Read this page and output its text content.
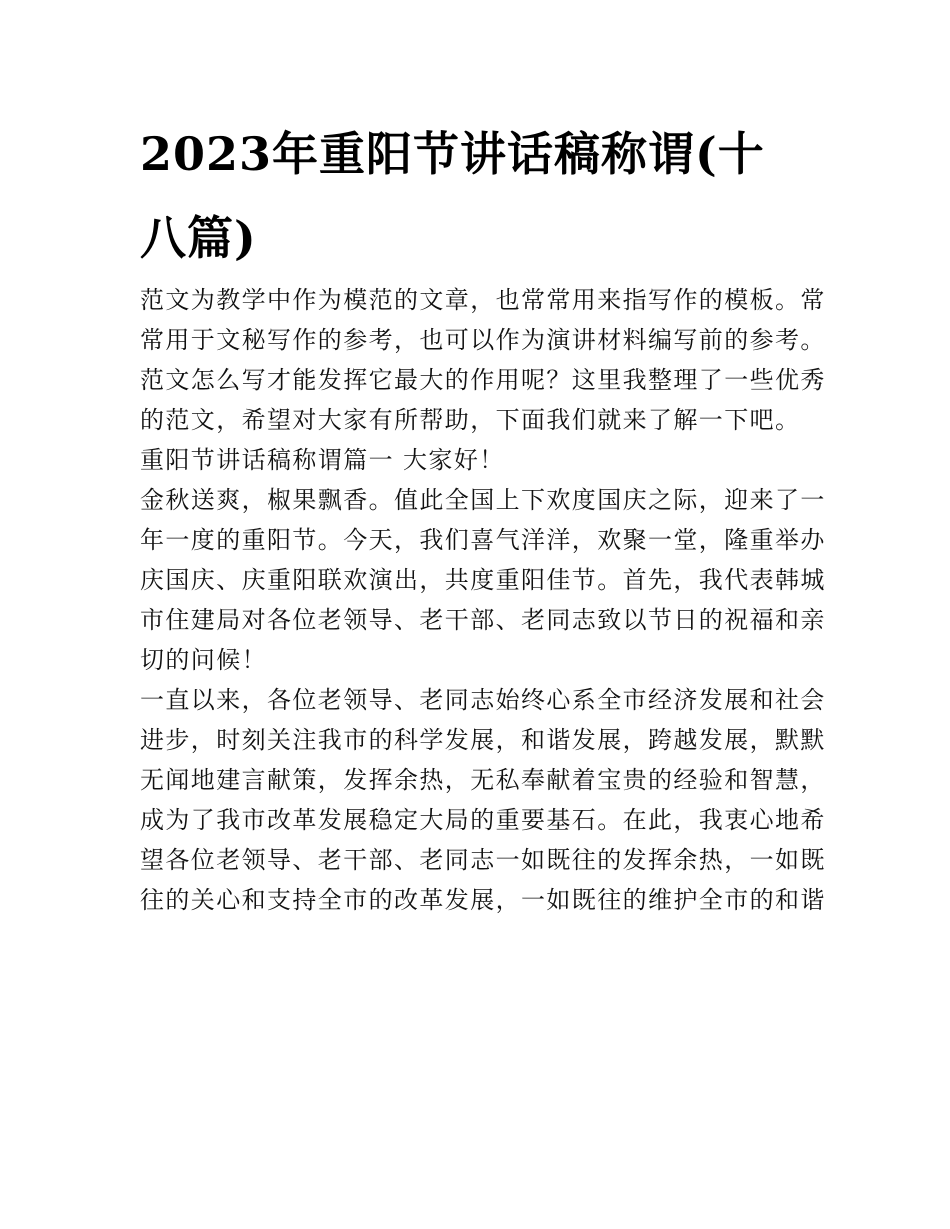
2023年重阳节讲话稿称谓(十
八篇)
范文为教学中作为模范的文章，也常常用来指写作的模板。常
常用于文秘写作的参考，也可以作为演讲材料编写前的参考。
范文怎么写才能发挥它最大的作用呢？这里我整理了一些优秀
的范文，希望对大家有所帮助，下面我们就来了解一下吧。
重阳节讲话稿称谓篇一 大家好！
金秋送爽，椒果飘香。值此全国上下欢度国庆之际，迎来了一
年一度的重阳节。今天，我们喜气洋洋，欢聚一堂，隆重举办
庆国庆、庆重阳联欢演出，共度重阳佳节。首先，我代表韩城
市住建局对各位老领导、老干部、老同志致以节日的祝福和亲
切的问候！
一直以来，各位老领导、老同志始终心系全市经济发展和社会
进步，时刻关注我市的科学发展，和谐发展，跨越发展，默默
无闻地建言献策，发挥余热，无私奉献着宝贵的经验和智慧，
成为了我市改革发展稳定大局的重要基石。在此，我衷心地希
望各位老领导、老干部、老同志一如既往的发挥余热，一如既
往的关心和支持全市的改革发展，一如既往的维护全市的和谐
